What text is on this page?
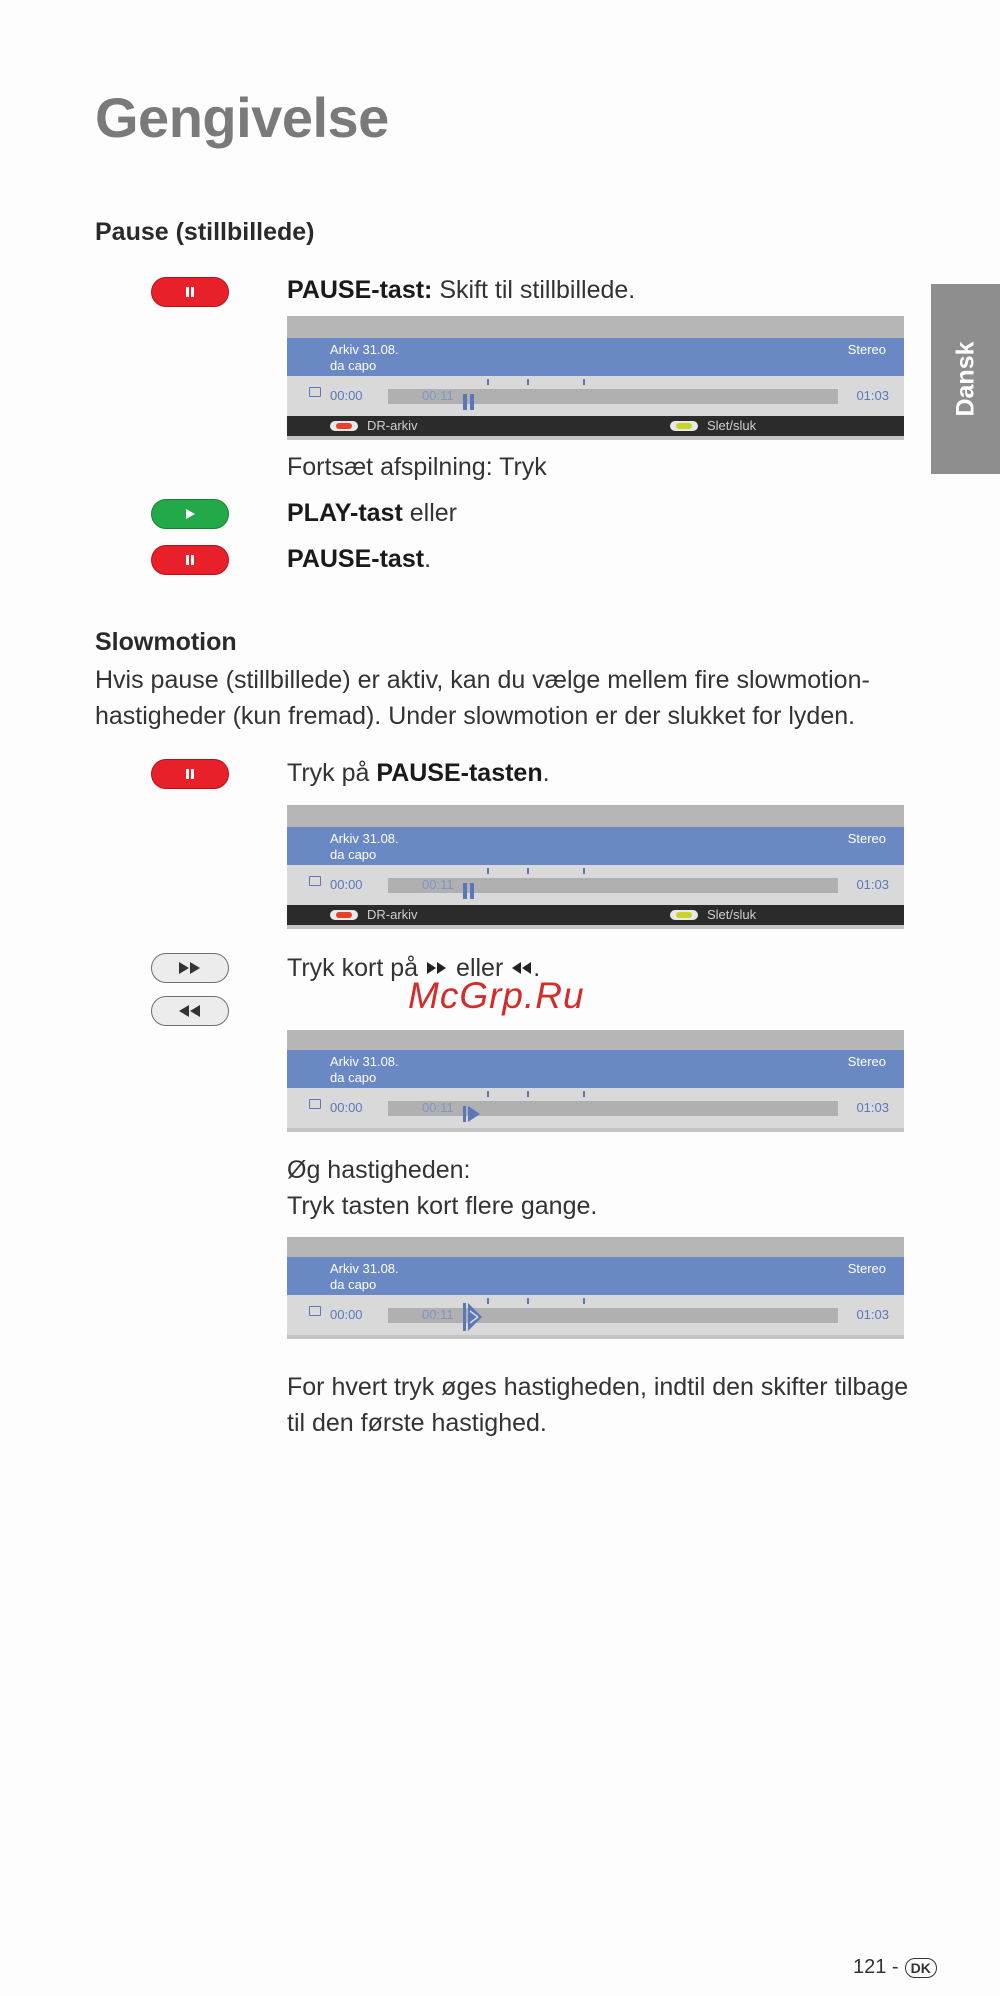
Gengivelse
Dansk
Pause (stillbillede)
PAUSE-tast: Skift til stillbillede.
Arkiv 31.08.
da capo
Stereo
00:00	00:11	01:03
DR-arkiv	Slet/sluk
Fortsæt afspilning: Tryk
PLAY-tast eller
PAUSE-tast.
Slowmotion
Hvis pause (stillbillede) er aktiv, kan du vælge mellem fire slowmotion-
hastigheder (kun fremad). Under slowmotion er der slukket for lyden.
Tryk på PAUSE-tasten.
Arkiv 31.08.
da capo
Stereo
00:00	00:11	01:03
DR-arkiv	Slet/sluk
Tryk kort på eller .
McGrp.Ru
Arkiv 31.08.
da capo
Stereo
00:00	00:11	01:03
Øg hastigheden:
Tryk tasten kort flere gange.
Arkiv 31.08.
da capo
Stereo
00:00	00:11	01:03
For hvert tryk øges hastigheden, indtil den skifter tilbage
til den første hastighed.
121 - DK
